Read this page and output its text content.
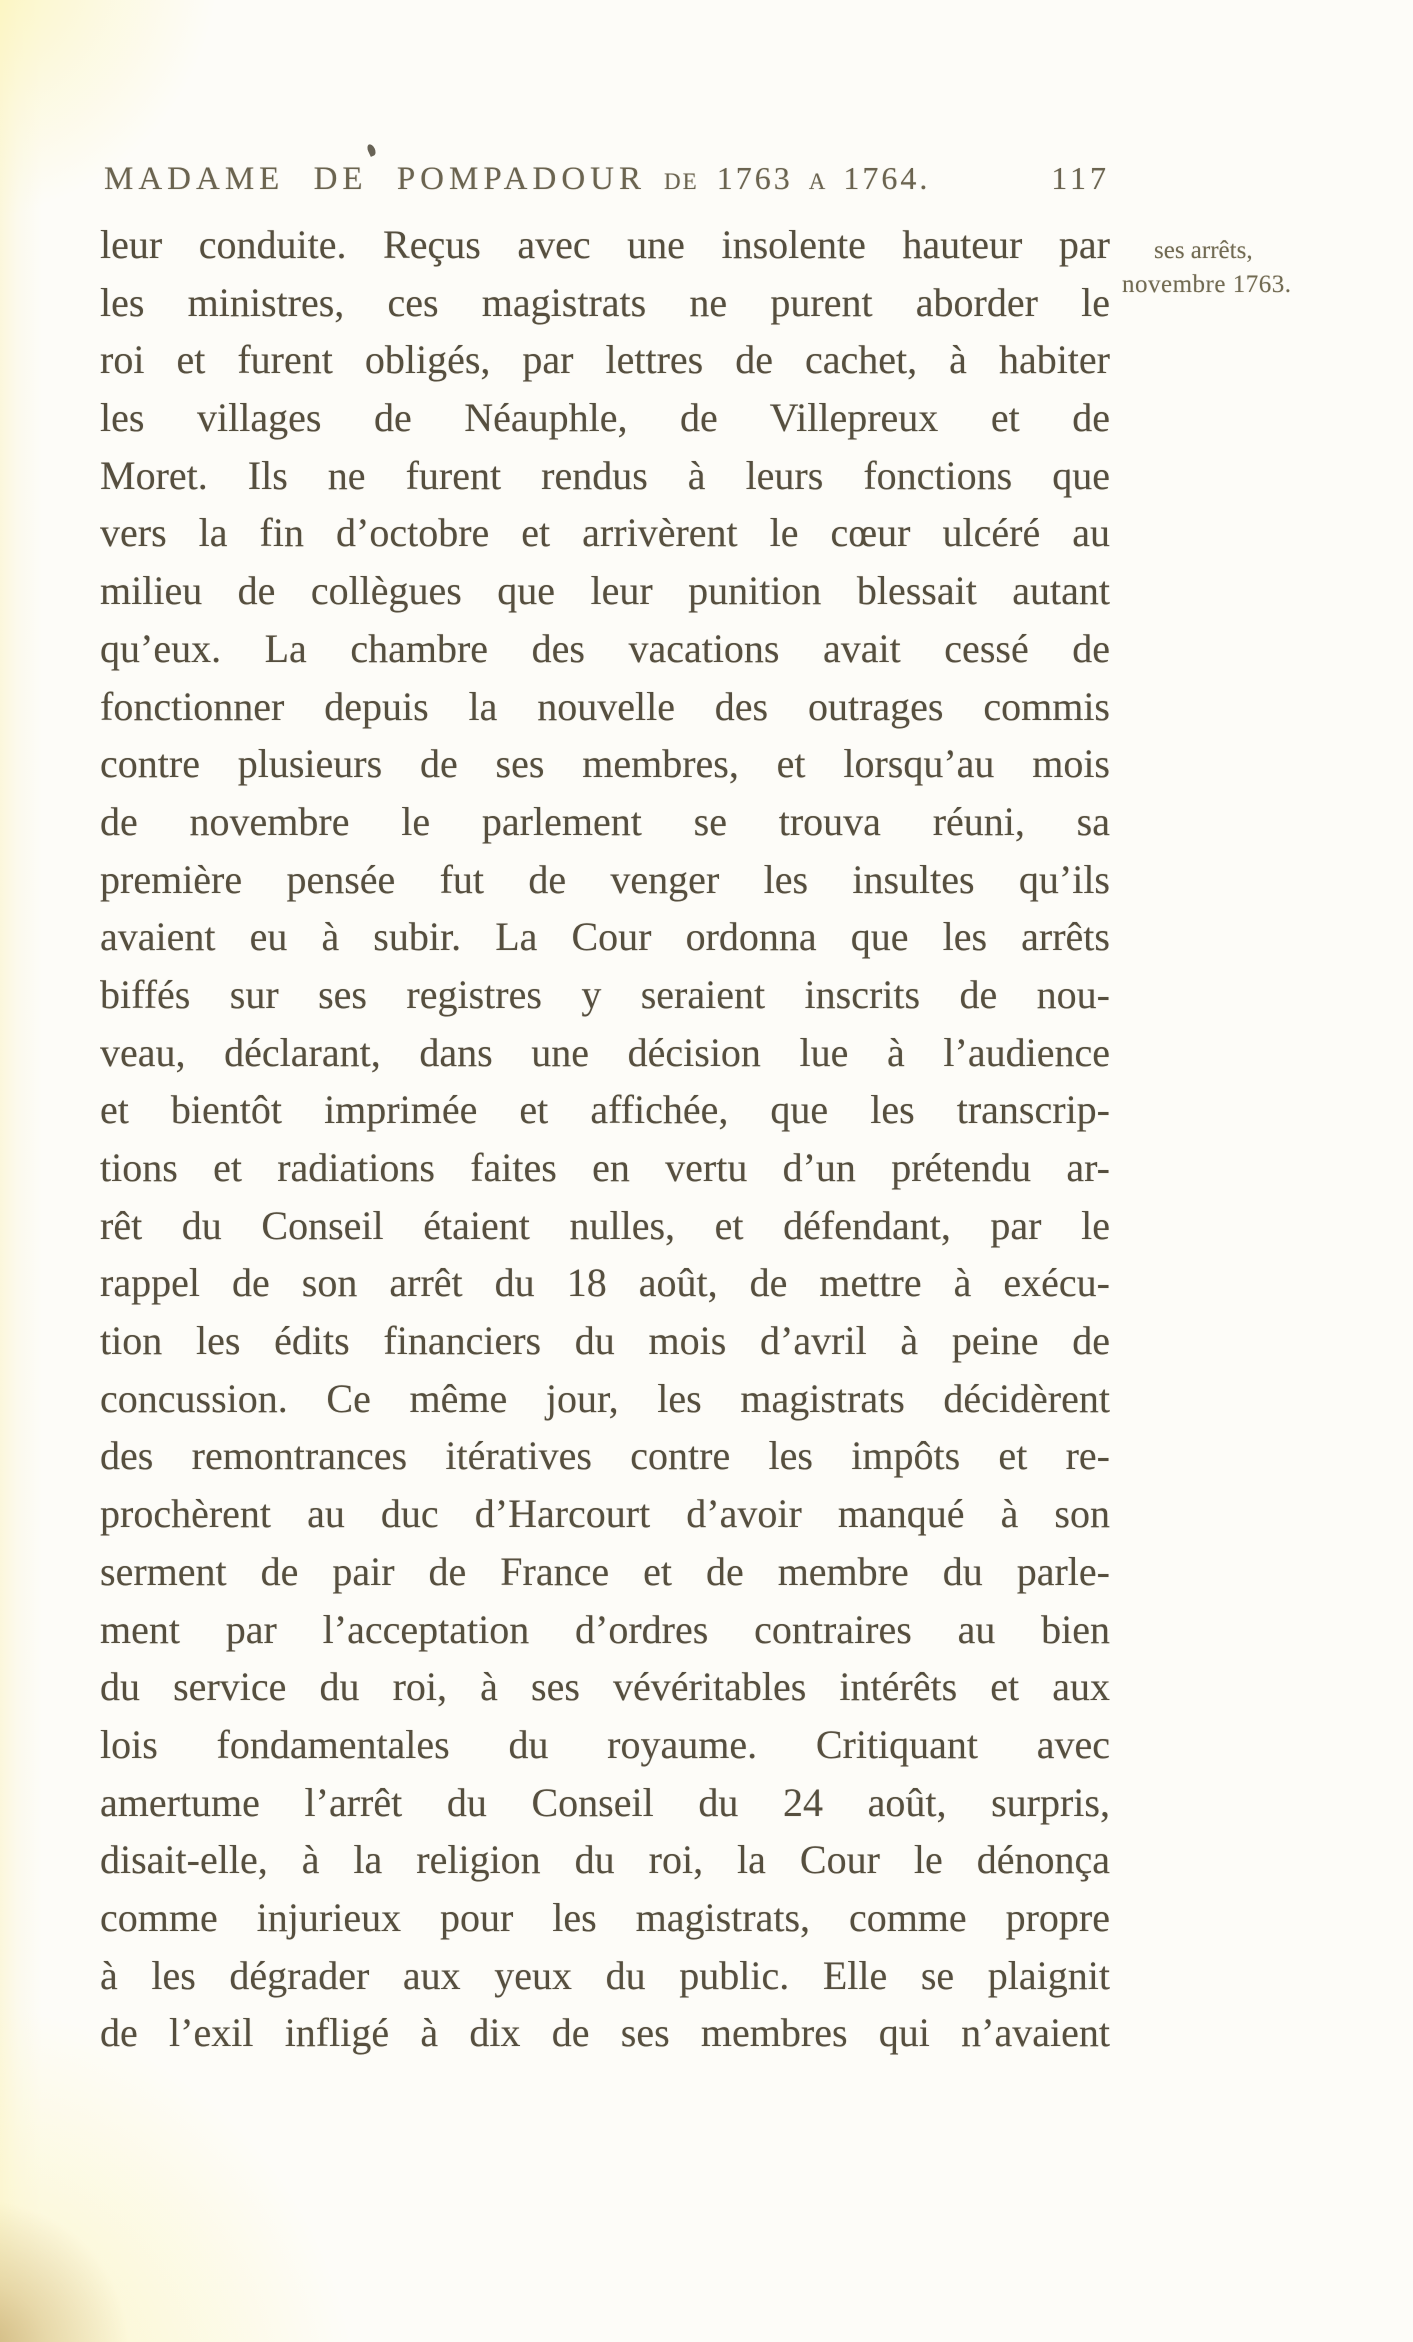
MADAME DE POMPADOUR DE 1763 A 1764.	117
ses arrêts,
novembre 1763.
leur conduite. Reçus avec une insolente hauteur par
les ministres, ces magistrats ne purent aborder le
roi et furent obligés, par lettres de cachet, à habiter
les villages de Néauphle, de Villepreux et de
Moret. Ils ne furent rendus à leurs fonctions que
vers la fin d’octobre et arrivèrent le cœur ulcéré au
milieu de collègues que leur punition blessait autant
qu’eux. La chambre des vacations avait cessé de
fonctionner depuis la nouvelle des outrages commis
contre plusieurs de ses membres, et lorsqu’au mois
de novembre le parlement se trouva réuni, sa
première pensée fut de venger les insultes qu’ils
avaient eu à subir. La Cour ordonna que les arrêts
biffés sur ses registres y seraient inscrits de nou-
veau, déclarant, dans une décision lue à l’audience
et bientôt imprimée et affichée, que les transcrip-
tions et radiations faites en vertu d’un prétendu ar-
rêt du Conseil étaient nulles, et défendant, par le
rappel de son arrêt du 18 août, de mettre à exécu-
tion les édits financiers du mois d’avril à peine de
concussion. Ce même jour, les magistrats décidèrent
des remontrances itératives contre les impôts et re-
prochèrent au duc d’Harcourt d’avoir manqué à son
serment de pair de France et de membre du parle-
ment par l’acceptation d’ordres contraires au bien
du service du roi, à ses vévéritables intérêts et aux
lois fondamentales du royaume. Critiquant avec
amertume l’arrêt du Conseil du 24 août, surpris,
disait-elle, à la religion du roi, la Cour le dénonça
comme injurieux pour les magistrats, comme propre
à les dégrader aux yeux du public. Elle se plaignit
de l’exil infligé à dix de ses membres qui n’avaient
